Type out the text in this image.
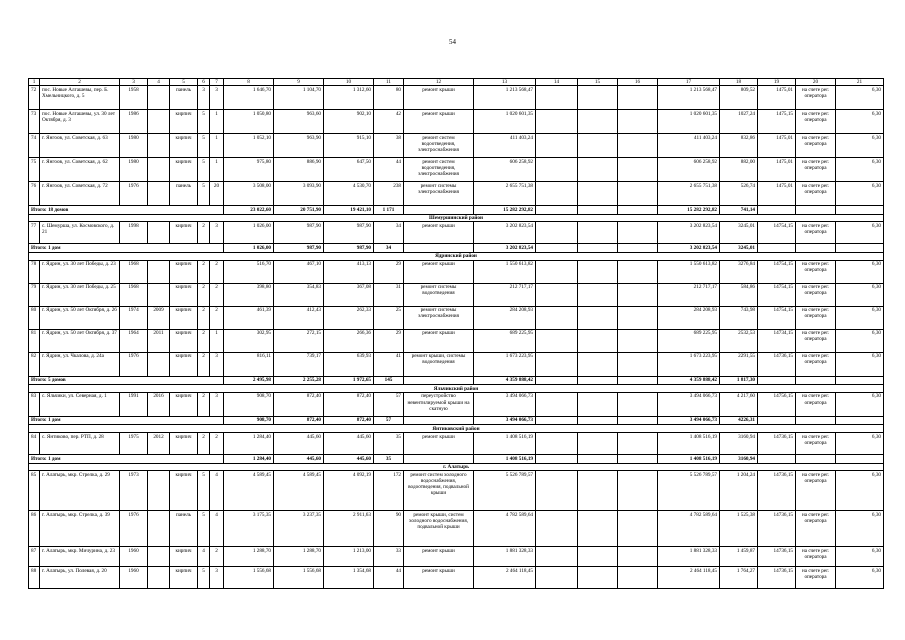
54
1	2	3	4	5	6	7	8	9	10	11	12	13	14	15	16	17	18	19	20	21
72	пос. Новые Алгашевы, пер. Б. Хмельницкого, д. 5	1958		панель	3	3	1 646,70	1 104,70	1 312,60	80	ремонт крыши	1 213 568,47				1 213 568,47	809,52	1475,01	на счете рег. оператора	6,30
73	пос. Новые Алгашевы, ул. 30 лет Октября, д. 3	1986		кирпич	5	1	1 050,80	963,60	902,10	42	ремонт крыши	1 020 601,35				1 020 601,35	1027,24	1475,15	на счете рег. оператора	6,30
74	г. Янгоов, ул. Советская, д. 63	1980		кирпич	5	1	1 052,10	963,90	915,10	38	ремонт систем водоотведения, электроснабжения	411 403,24				411 403,24	832,86	1475,01	на счете рег. оператора	6,30
75	г. Янгоов, ул. Советская, д. 62	1980		кирпич	5	1	975,80	886,90	647,50	44	ремонт систем водоотведения, электроснабжения	606 258,92				606 258,92	882,00	1475,01	на счете рег. оператора	6,30
76	г. Янгоов, ул. Советская, д. 72	1976		панель	5	20	3 508,00	3 093,90	4 530,70	238	ремонт системы электроснабжения	2 655 751,38				2 655 751,38	526,74	1475,01	на счете рег. оператора	6,30
Итого: 18 домов							23 022,60	20 751,90	19 421,10	1 171		15 282 292,82				15 282 292,82	741,14			
Шемуршинский район																				
77	с. Шемурша, ул. Космовского, д. 21	1998		кирпич	2	3	1 026,00	987,90	987,90	34	ремонт крыши	3 202 823,54				3 202 823,54	3245,01	14754,15	на счете рег. оператора	6,30
Итого: 1 дом							1 026,00	987,90	987,90	34		3 202 823,54				3 202 823,54	3245,01			
Ядринский район																				
78	г. Ядрин, ул. 30 лет Победы, д. 23	1968		кирпич	2	2	516,70	467,10	413,13	29	ремонт крыши	1 550 613,82				1 550 613,82	3276,84	14754,15	на счете рег. оператора	6,30
79	г. Ядрин, ул. 30 лет Победы, д. 25	1968		кирпич	2	2	398,80	354,83	367,08	31	ремонт системы водоотведения	212 717,17				212 717,17	584,86	14754,15	на счете рег. оператора	6,30
80	г. Ядрин, ул. 50 лет Октября, д. 26	1974	2009	кирпич	2	2	461,39	412,43	262,33	25	ремонт системы электроснабжения	284 208,93				284 208,93	743,98	14754,15	на счете рег. оператора	6,30
81	г. Ядрин, ул. 50 лет Октября, д. 37	1964	2011	кирпич	2	1	302,95	272,15	266,36	29	ремонт крыши	689 225,95				689 225,95	2532,53	14734,15	на счете рег. оператора	6,30
82	г. Ядрин, ул. Чкалова, д. 24а	1976		кирпич	2	3	816,11	739,17	639,93	41	ремонт крыши, системы водоотведения	1 673 223,95				1 673 223,95	2291,55	14736,15	на счете рег. оператора	6,30
Итого: 5 домов							2 495,98	2 255,28	1 972,65	145		4 359 888,42				4 359 888,42	1 817,30			
Яльчикский район																				
83	с. Яльчики, ул. Северная, д. 1	1991	2016	кирпич	2	3	908,70	872,40	872,40	57	переустройство невентилируемой крыши на скатную	3 494 066,73				3 494 066,73	4 217,60	14756,15	на счете рег. оператора	6,30
Итого: 1 дом							908,70	872,40	872,40	57		3 494 066,73				3 494 066,73	4226,31			
Янтиковский район																				
84	с. Янтиково, пер. РТП, д. 28	1975	2012	кирпич	2	2	1 284,40	445,60	445,60	35	ремонт крыши	1 408 516,19				1 408 516,19	3160,94	14736,15	на счете рег. оператора	6,30
Итого: 1 дом							1 284,40	445,60	445,60	35		1 408 516,19				1 408 516,19	3160,94			
г. Алатырь																				
85	г. Алатырь, мкр. Стрелка, д. 29	1973		кирпич	5	4	4 589,45	4 589,45	4 092,19	172	ремонт систем холодного водоснабжения, водоотведения, подвальной крыши	5 526 789,57				5 526 789,57	1 204,24	14736,15	на счете рег. оператора	6,30
86	г. Алатырь, мкр. Стрелка, д. 39	1976		панель	5	4	3 175,35	3 237,35	2 911,63	90	ремонт крыши, систем холодного водоснабжения, подвальной крыши	4 782 589,64				4 782 589,64	1 525,38	14736,15	на счете рег. оператора	6,30
87	г. Алатырь, мкр. Мичурина, д. 23	1960		кирпич	4	2	1 288,70	1 288,70	1 213,00	33	ремонт крыши	1 881 328,33				1 881 328,33	1 459,87	14736,15	на счете рег. оператора	6,30
88	г. Алатырь, ул. Полевая, д. 20	1960		кирпич	5	3	1 556,68	1 556,68	1 354,68	44	ремонт крыши	2 464 118,45				2 464 118,45	1 764,27	14736,15	на счете рег. оператора	6,30
